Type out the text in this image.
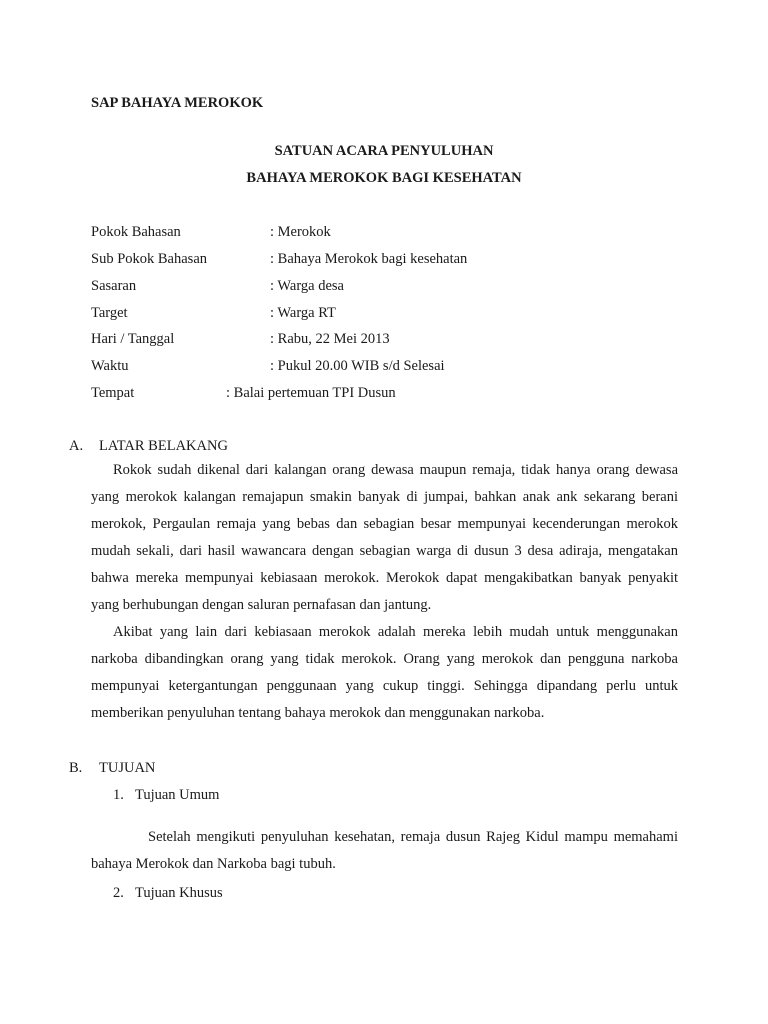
SAP BAHAYA MEROKOK

SATUAN ACARA PENYULUHAN

BAHAYA MEROKOK BAGI KESEHATAN

Pokok Bahasan	: Merokok

Sub Pokok Bahasan	: Bahaya Merokok bagi kesehatan

Sasaran	: Warga desa

Target	: Warga RT

Hari / Tanggal	: Rabu, 22 Mei 2013

Waktu	: Pukul 20.00 WIB s/d Selesai

Tempat	: Balai pertemuan TPI Dusun

A. LATAR BELAKANG

Rokok sudah dikenal dari kalangan orang dewasa maupun remaja, tidak hanya orang dewasa yang merokok kalangan remajapun smakin banyak di jumpai, bahkan anak ank sekarang berani merokok, Pergaulan remaja yang bebas dan sebagian besar mempunyai kecenderungan merokok mudah sekali, dari hasil wawancara dengan sebagian warga di dusun 3 desa adiraja, mengatakan bahwa mereka mempunyai kebiasaan merokok. Merokok dapat mengakibatkan banyak penyakit yang berhubungan dengan saluran pernafasan dan jantung.

Akibat yang lain dari kebiasaan merokok adalah mereka lebih mudah untuk menggunakan narkoba dibandingkan orang yang tidak merokok. Orang yang merokok dan pengguna narkoba mempunyai ketergantungan penggunaan yang cukup tinggi. Sehingga dipandang perlu untuk memberikan penyuluhan tentang bahaya merokok dan menggunakan narkoba.

B. TUJUAN

1. Tujuan Umum

Setelah mengikuti penyuluhan kesehatan, remaja dusun Rajeg Kidul mampu memahami bahaya Merokok dan Narkoba bagi tubuh.

2. Tujuan Khusus
